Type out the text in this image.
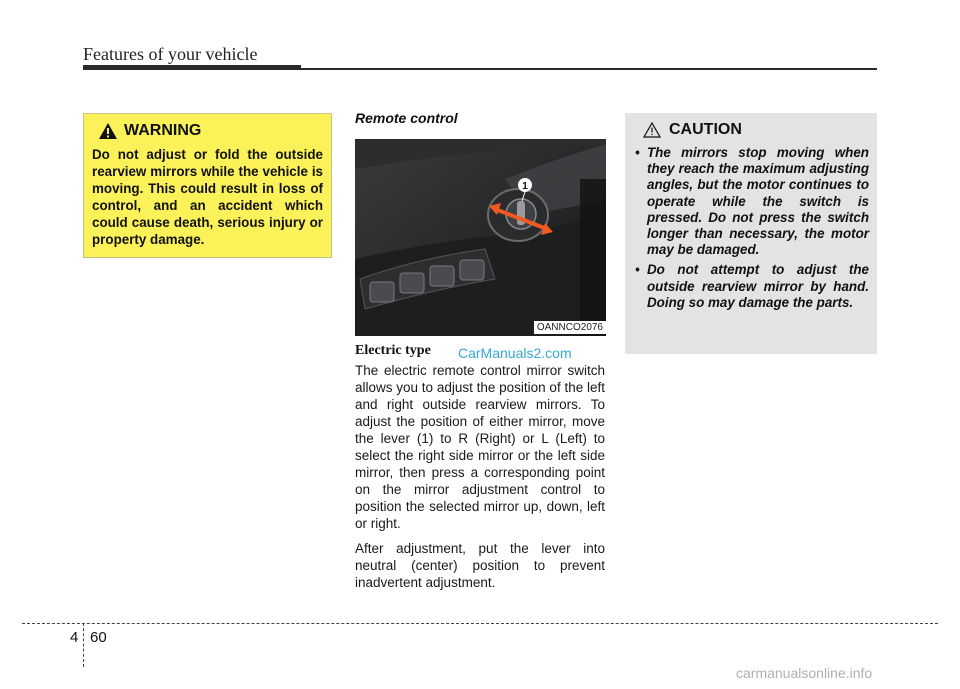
Features of your vehicle
WARNING
Do not adjust or fold the outside rearview mirrors while the vehicle is moving. This could result in loss of control, and an accident which could cause death, serious injury or property damage.
Remote control
1
OANNCO2076
Electric type CarManuals2.com

The electric remote control mirror switch allows you to adjust the position of the left and right outside rearview mirrors. To adjust the position of either mirror, move the lever (1) to R (Right) or L (Left) to select the right side mirror or the left side mirror, then press a corresponding point on the mirror adjustment control to position the selected mirror up, down, left or right.

After adjustment, put the lever into neutral (center) position to prevent inadvertent adjustment.

CAUTION
• The mirrors stop moving when they reach the maximum adjusting angles, but the motor continues to operate while the switch is pressed. Do not press the switch longer than necessary, the motor may be damaged.
• Do not attempt to adjust the outside rearview mirror by hand. Doing so may damage the parts.
4 60
carmanualsonline.info
